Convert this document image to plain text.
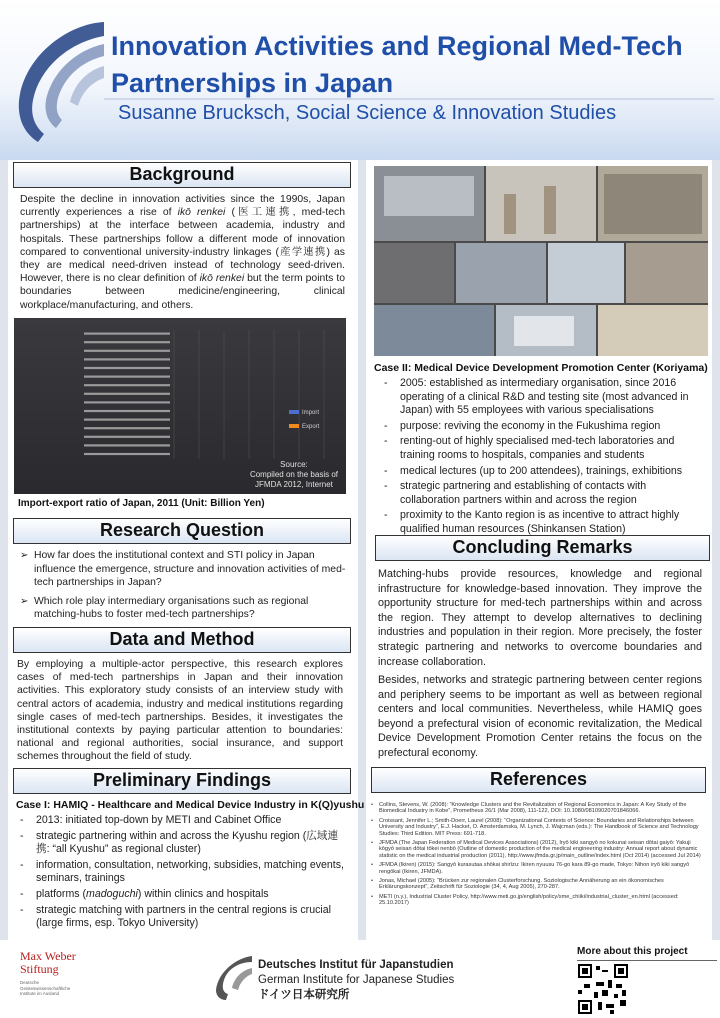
Innovation Activities and Regional Med-Tech
Partnerships in Japan
Susanne Brucksch, Social Science & Innovation Studies
Background
Despite the decline in innovation activities since the 1990s, Japan currently experiences a rise of ikō renkei (医工連携, med-tech partnerships) at the interface between academia, industry and hospitals. These partnerships follow a different mode of innovation compared to conventional university-industry linkages (産学連携) as they are medical need-driven instead of technology seed-driven. However, there is no clear definition of ikō renkei but the term points to boundaries between medicine/engineering, clinical workplace/manufacturing, and others.
Import
Export
Source:
Compiled on the basis of
JFMDA 2012, Internet
Import-export ratio of Japan, 2011 (Unit: Billion Yen)
Research Question
➢ How far does the institutional context and STI policy in Japan influence the emergence, structure and innovation activities of med-tech partnerships in Japan?
➢ Which role play intermediary organisations such as regional matching-hubs to foster med-tech partnerships?
Data and Method
By employing a multiple-actor perspective, this research explores cases of med-tech partnerships in Japan and their innovation activities. This exploratory study consists of an interview study with central actors of academia, industry and medical institutions regarding single cases of med-tech partnerships. Besides, it investigates the institutional contexts by paying particular attention to boundaries: national and regional authorities, social insurance, and support schemes throughout the field of study.
Preliminary Findings
Case I: HAMIQ - Healthcare and Medical Device Industry in K(Q)yushu
- 2013: initiated top-down by METI and Cabinet Office
- strategic partnering within and across the Kyushu region (広域連携: “all Kyushu” as regional cluster)
- information, consultation, networking, subsidies, matching events, seminars, trainings
- platforms (madoguchi) within clinics and hospitals
- strategic matching with partners in the central regions is crucial (large firms, esp. Tokyo University)
Case II: Medical Device Development Promotion Center (Koriyama)
- 2005: established as intermediary organisation, since 2016 operating of a clinical R&D and testing site (most advanced in Japan) with 55 employees with various specialisations
- purpose: reviving the economy in the Fukushima region
- renting-out of highly specialised med-tech laboratories and training rooms to hospitals, companies and students
- medical lectures (up to 200 attendees), trainings, exhibitions
- strategic partnering and establishing of contacts with collaboration partners within and across the region
- proximity to the Kanto region is as incentive to attract highly qualified human resources (Shinkansen Station)
Concluding Remarks
Matching-hubs provide resources, knowledge and regional infrastructure for knowledge-based innovation. They improve the opportunity structure for med-tech partnerships within and across the region. They attempt to develop alternatives to declining industries and population in their region. More precisely, the foster strategic partnering and networks to overcome boundaries and increase collaboration.
Besides, networks and strategic partnering between center regions and periphery seems to be important as well as between regional centers and local communities. Nevertheless, while HAMIQ goes beyond a prefectural vision of economic revitalization, the Medical Device Development Promotion Center retains the focus on the prefectural economy.
References
• Collins, Stevens, W. (2008): “Knowledge Clusters and the Revitalization of Regional Economics in Japan: A Key Study of the Biomedical Industry in Kobe”, Prometheus 26/1 (Mar 2008), 111-122, DOI: 10.1080/08109020701846066.
• Croissant, Jennifer L.; Smith-Doerr, Laurel (2008): “Organizational Contexts of Science: Boundaries and Relationships between University and Industry”, E.J. Hacket, O. Amsterdamska, M. Lynch, J. Wajcman (eds.): The Handbook of Science and Technology Studies: Third Edition. MIT Press: 691-718.
• JFMDA (The Japan Federation of Medical Devices Associations) (2012), Iryō kiki sangyō no kokunai seisan dōtai gaiyō: Yakuji kōgyō seisan dōtai tōkei nenbō (Outline of domestic production of the medical engineering industry: Annual report about dynamic statistic on the medical industrial production (2011), http://www.jfmda.gr.jp/main_outline/index.html (Oct 2014) (accessed Jul 2014)
• JFMDA (Ikiren) (2015): Sangyō kurasutaa shōkai shirīzu: Ikiren nyuusu 76-go kara 89-go made, Tokyo: Nihon iryō kiki sangyō rengōkai (Ikiren, JFMDA).
• Jonas, Michael (2005): “Brücken zur regionalen Clusterforschung. Soziologische Annäherung an ein ökonomisches Erklärungskonzept”, Zeitschrift für Soziologie (34, 4, Aug 2005), 270-287.
• METI (n.y.), Industrial Cluster Policy, http://www.meti.go.jp/english/policy/sme_chiiki/industrial_cluster_en.html (accessed: 25.10.2017)
Max Weber
Stiftung
Deutsche
Geisteswissenschaftliche
Institute im Ausland
Deutsches Institut für Japanstudien
German Institute for Japanese Studies
ドイツ日本研究所
More about this project
